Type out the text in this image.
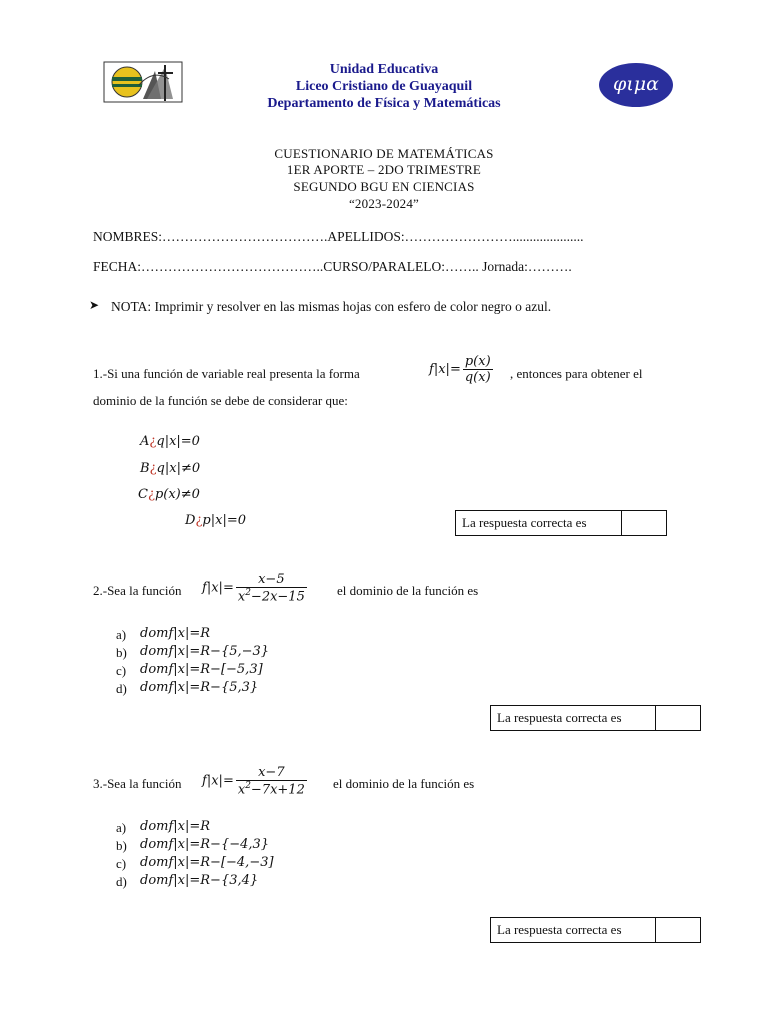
Unidad Educativa
Liceo Cristiano de Guayaquil
Departamento de Física y Matemáticas
φιμα
CUESTIONARIO DE MATEMÁTICAS
1ER APORTE – 2DO TRIMESTRE
SEGUNDO BGU EN CIENCIAS
“2023-2024”
NOMBRES:……………………………….APELLIDOS:…………………….....................
FECHA:…………………………………..CURSO/PARALELO:…….. Jornada:……….
➤ NOTA: Imprimir y resolver en las mismas hojas con esfero de color negro o azul.
1.-Si una función de variable real presenta la forma	$f|x|= \frac{p(x)}{q(x)}$ , entonces para obtener el
dominio de la función se debe de considerar que:
A¿q|x|=0
B¿q|x|≠0
C¿p(x)≠0
D¿p|x|=0	La respuesta correcta es
2.-Sea la función $f|x|= \frac{x-5}{x^2-2x-15}$ el dominio de la función es
a) domf|x|=R
b) domf|x|=R−{5,−3}
c) domf|x|=R−[−5,3]
d) domf|x|=R−{5,3}
La respuesta correcta es
3.-Sea la función $f|x|= \frac{x-7}{x^2-7x+12}$ el dominio de la función es
a) domf|x|=R
b) domf|x|=R−{−4,3}
c) domf|x|=R−[−4,−3]
d) domf|x|=R−{3,4}
La respuesta correcta es
